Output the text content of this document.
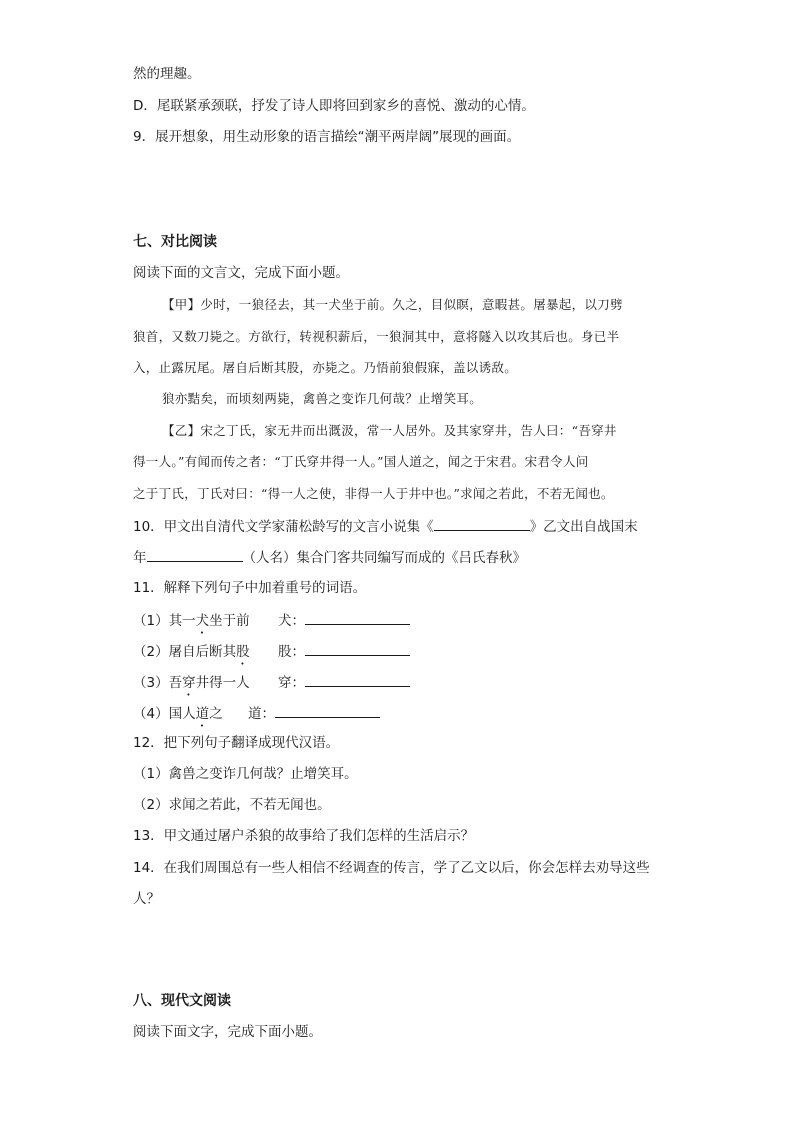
然的理趣。
D．尾联紧承颈联，抒发了诗人即将回到家乡的喜悦、激动的心情。
9．展开想象，用生动形象的语言描绘“潮平两岸阔”展现的画面。
七、对比阅读
阅读下面的文言文，完成下面小题。
【甲】少时，一狼径去，其一犬坐于前。久之，目似瞑，意暇甚。屠暴起，以刀劈
狼首，又数刀毙之。方欲行，转视积薪后，一狼洞其中，意将隧入以攻其后也。身已半
入，止露尻尾。屠自后断其股，亦毙之。乃悟前狼假寐，盖以诱敌。
狼亦黠矣，而顷刻两毙，禽兽之变诈几何哉？止增笑耳。
【乙】宋之丁氏，家无井而出溉汲，常一人居外。及其家穿井，告人曰：“吾穿井
得一人。”有闻而传之者：“丁氏穿井得一人。”国人道之，闻之于宋君。宋君令人问
之于丁氏，丁氏对曰：“得一人之使，非得一人于井中也。”求闻之若此，不若无闻也。
10．甲文出自清代文学家蒲松龄写的文言小说集《	》乙文出自战国末
年	（人名）集合门客共同编写而成的《吕氏春秋》
11．解释下列句子中加着重号的词语。
（1）其一犬坐于前 犬：
（2）屠自后断其股 股：
（3）吾穿井得一人 穿：
（4）国人道之 道：
12．把下列句子翻译成现代汉语。
（1）禽兽之变诈几何哉？止增笑耳。
（2）求闻之若此，不若无闻也。
13．甲文通过屠户杀狼的故事给了我们怎样的生活启示？
14．在我们周围总有一些人相信不经调查的传言，学了乙文以后，你会怎样去劝导这些
人？
八、现代文阅读
阅读下面文字，完成下面小题。
